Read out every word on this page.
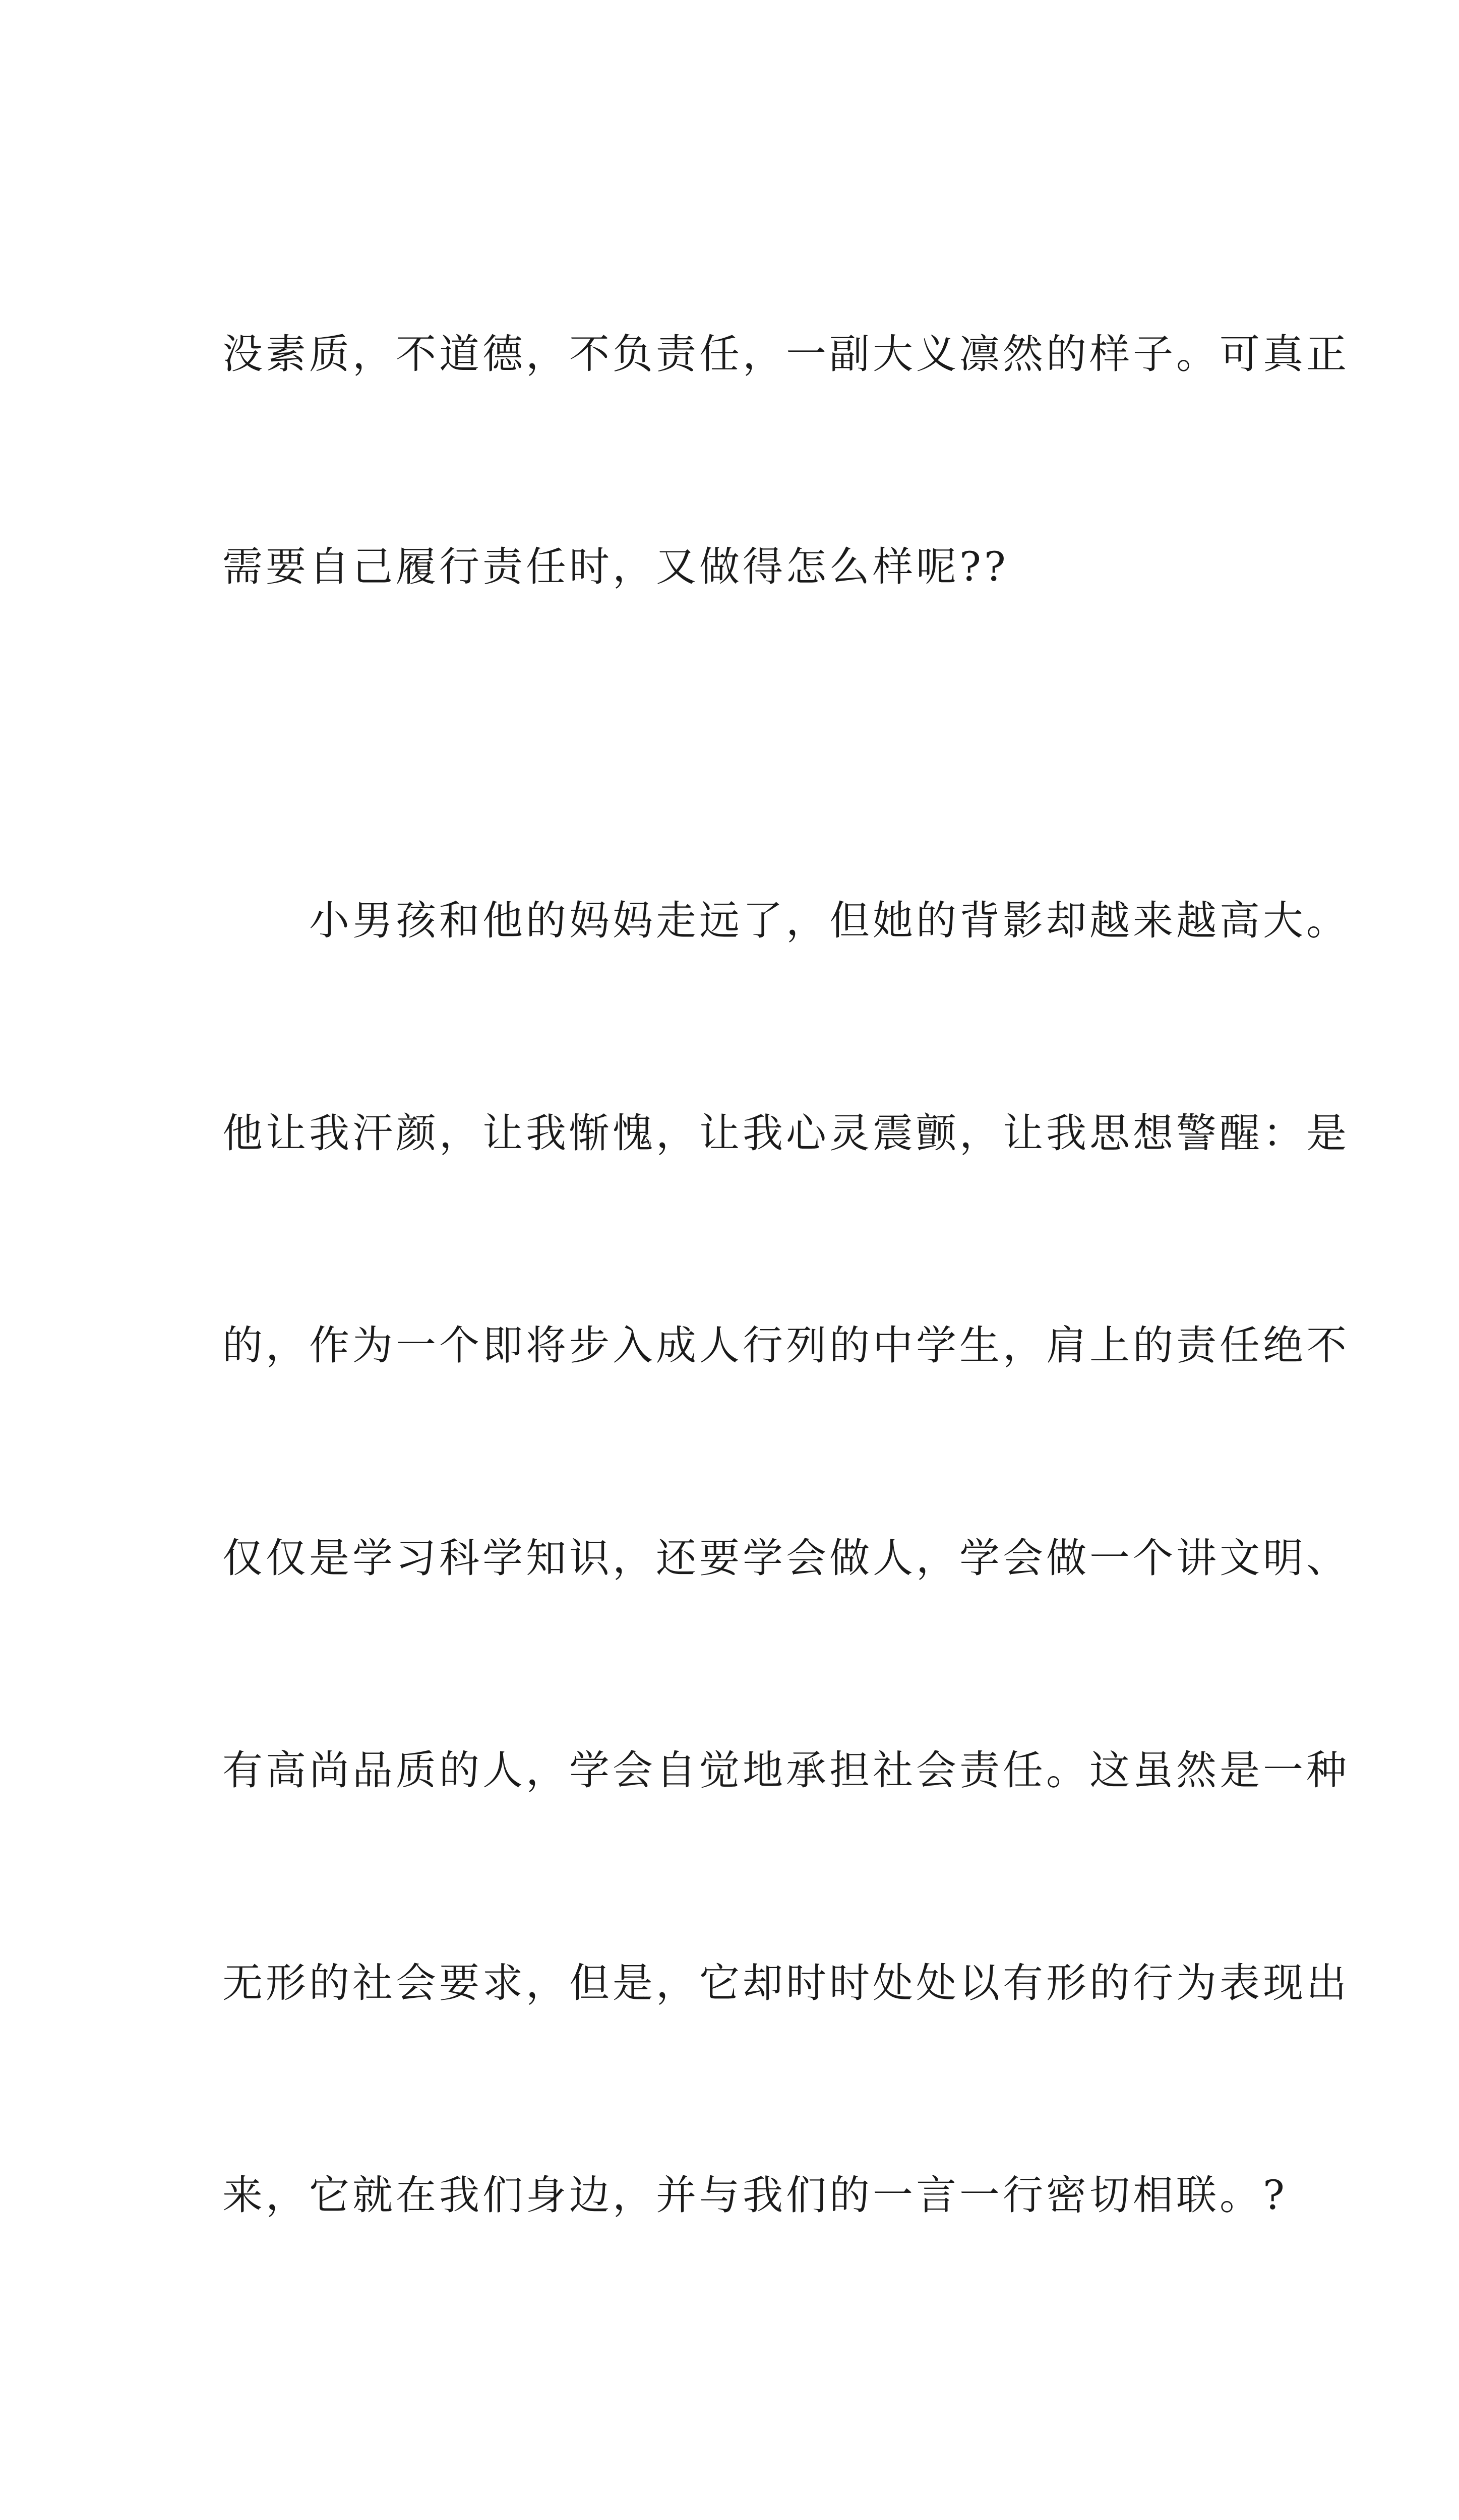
没素质，不道德，不负责任，一副大义凛然的样子。可真正

需要自己履行责任时，又做得怎么样呢??

　　小男孩和他的妈妈走远了，但她的背影却越来越高大。

他让我汗颜，让我惭愧，让我心灵震颤，让我思想警醒：是

的，作为一个即将步入成人行列的中学生，肩上的责任绝不

仅仅是学习科学知识，还要学会做人，学会做一个讲文明、

有高尚品质的人，学会自觉地承担社会责任。这虽然是一种

无形的社会要求，但是，它却时时处处以有形的行为表现出

来，它就在我们身边，并与我们的一言一行密切相联。?
